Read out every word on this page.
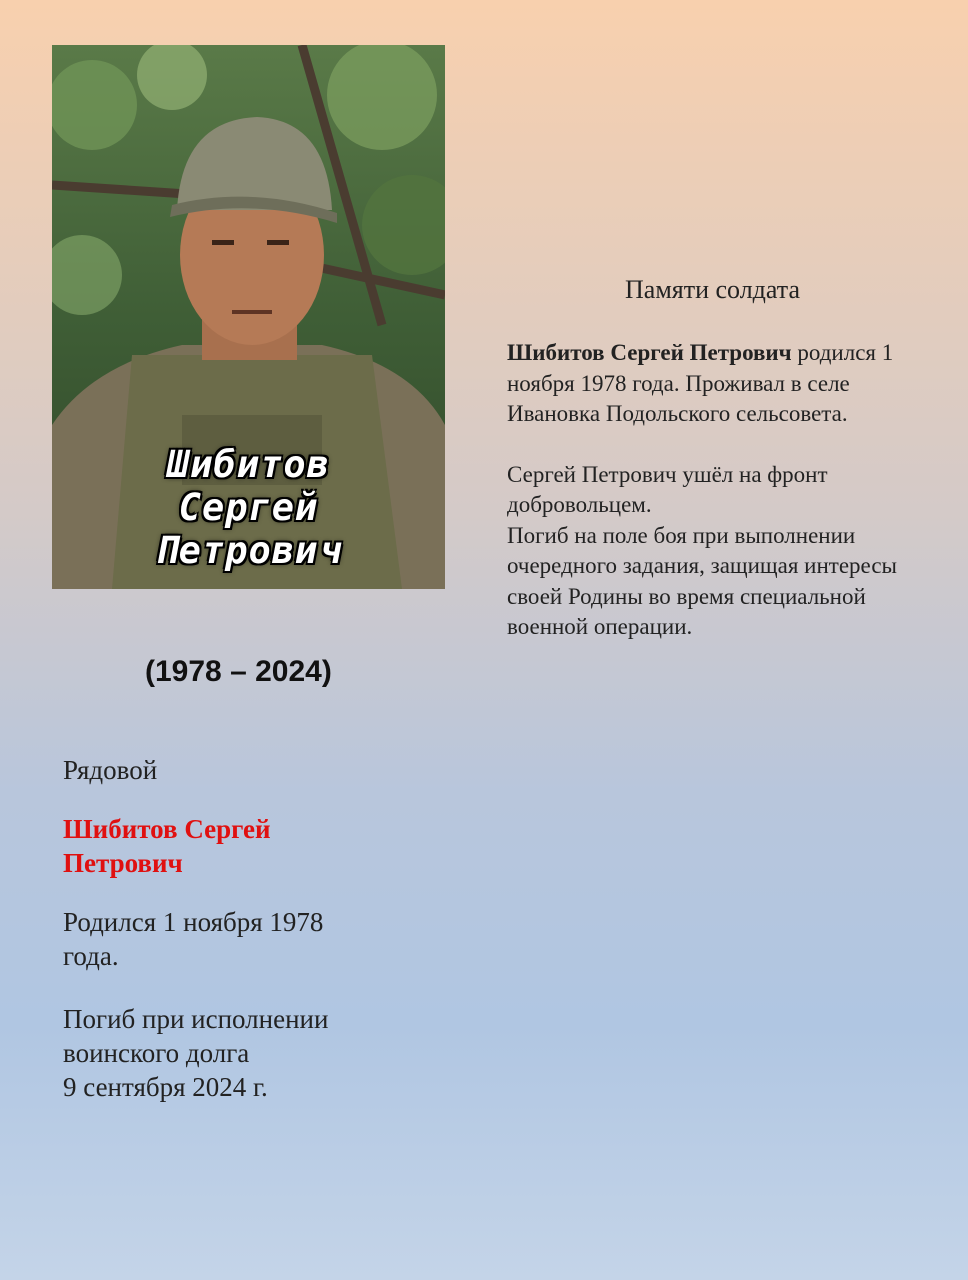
Шибитов
Сергей
Петрович
(1978 – 2024)
Рядовой
Шибитов Сергей Петрович
Родился 1 ноября 1978 года.
Погиб при исполнении воинского долга
9 сентября 2024 г.
Памяти солдата

Шибитов Сергей Петрович родился 1 ноября 1978 года. Проживал в селе Ивановка Подольского сельсовета.

Сергей Петрович ушёл на фронт добровольцем.
Погиб на поле боя при выполнении очередного задания, защищая интересы своей Родины во время специальной военной операции.
